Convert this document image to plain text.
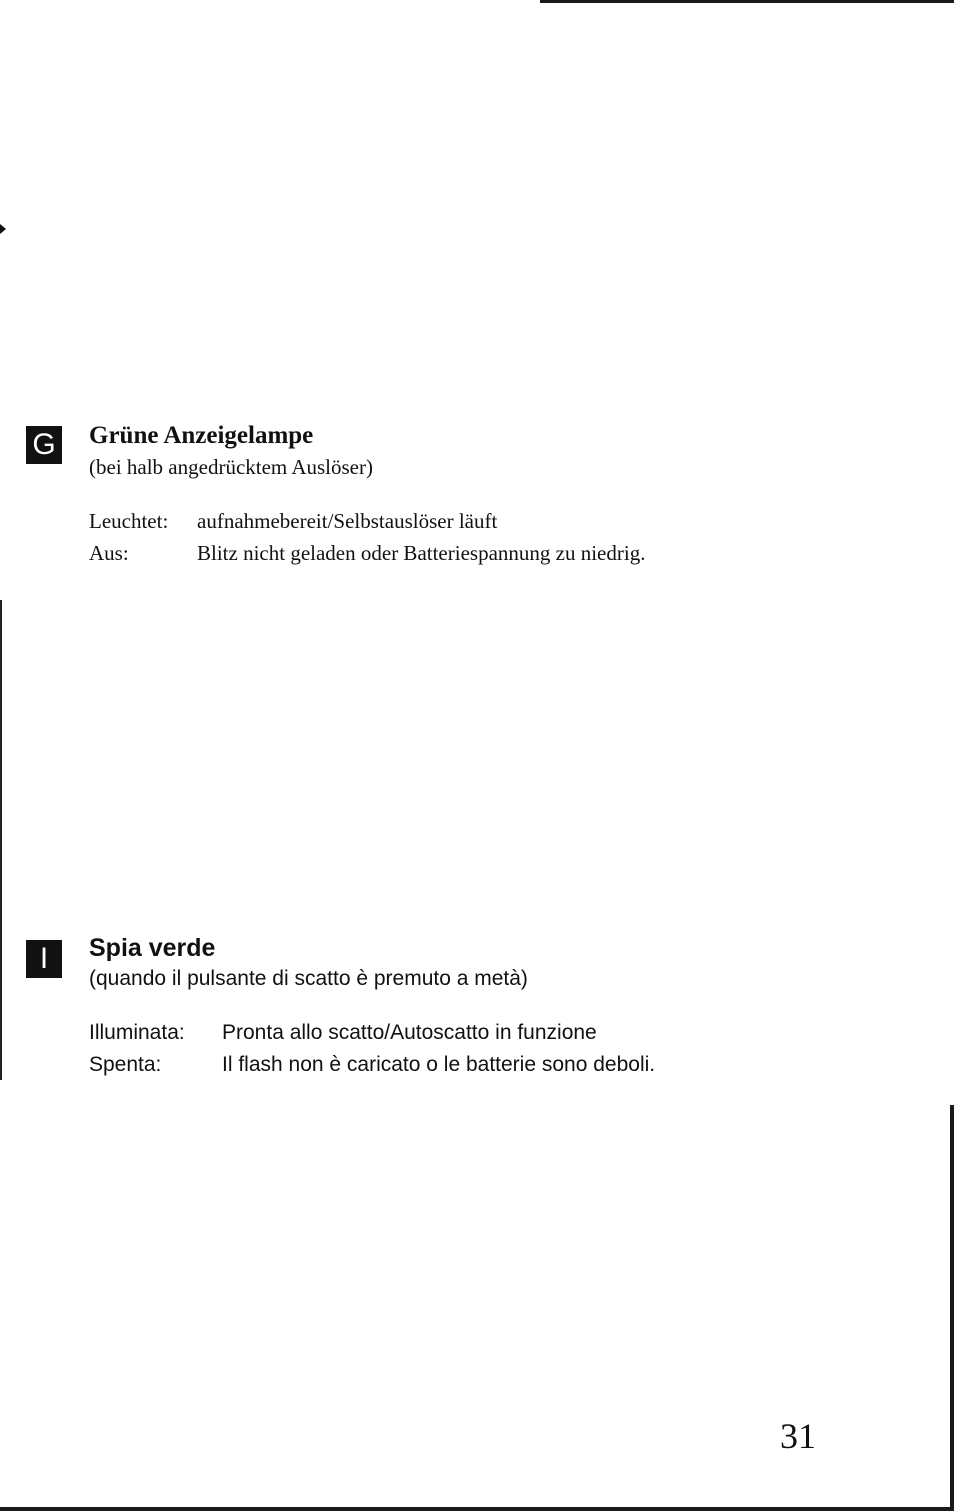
G Grüne Anzeigelampe

(bei halb angedrücktem Auslöser)

Leuchtet:	aufnahmebereit/Selbstauslöser läuft
Aus:	Blitz nicht geladen oder Batteriespannung zu niedrig.
I	Spia verde

(quando il pulsante di scatto è premuto a metà)

Illuminata:	Pronta allo scatto/Autoscatto in funzione
Spenta:	Il flash non è caricato o le batterie sono deboli.
31
